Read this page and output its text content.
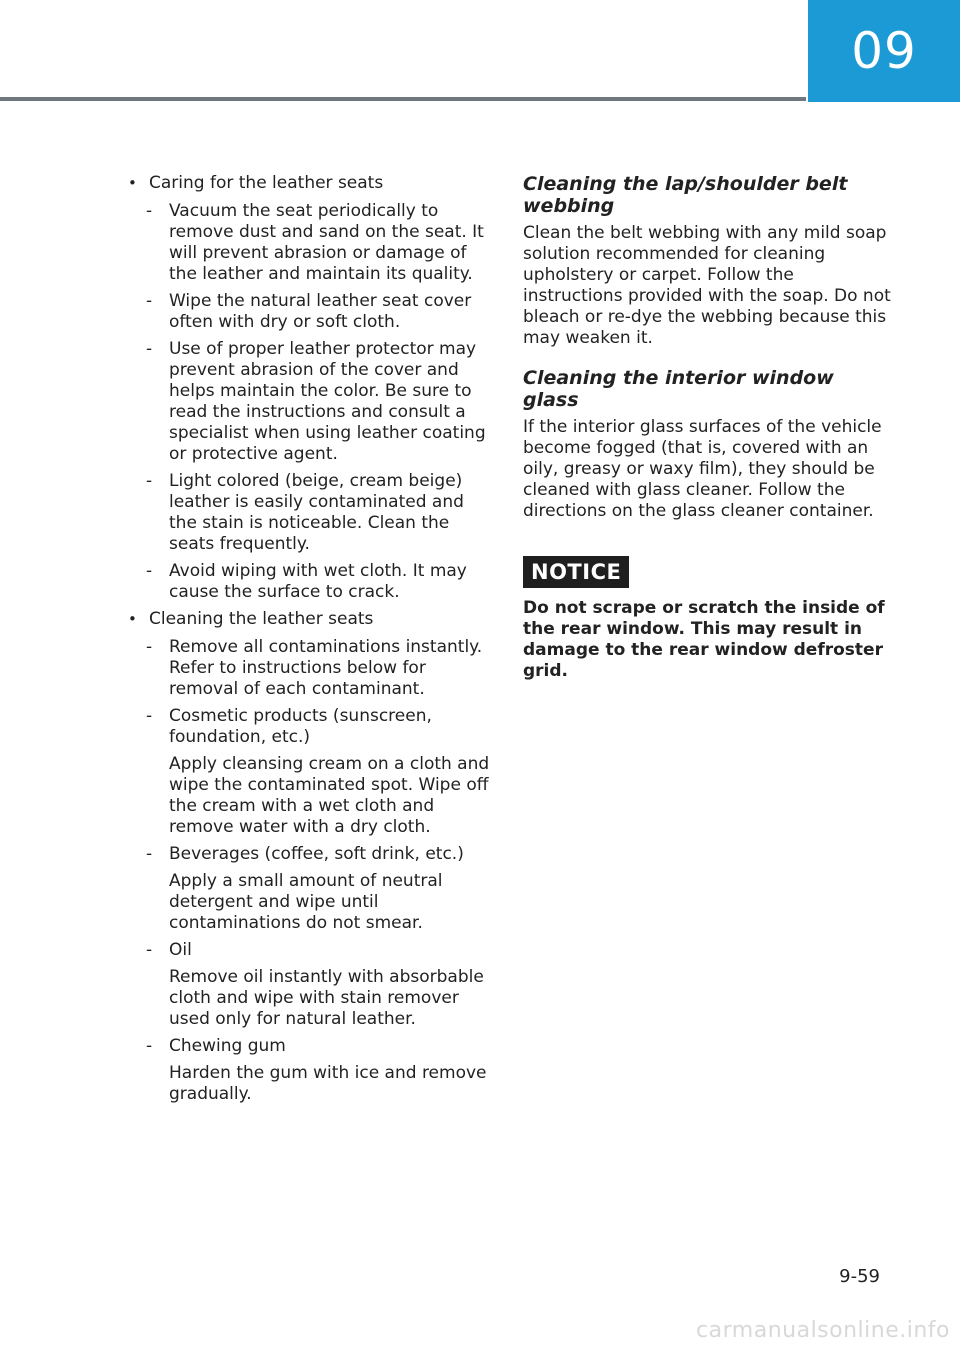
09
• Caring for the leather seats
- Vacuum the seat periodically to remove dust and sand on the seat. It will prevent abrasion or damage of the leather and maintain its quality.
- Wipe the natural leather seat cover often with dry or soft cloth.
- Use of proper leather protector may prevent abrasion of the cover and helps maintain the color. Be sure to read the instructions and consult a specialist when using leather coating or protective agent.
- Light colored (beige, cream beige) leather is easily contaminated and the stain is noticeable. Clean the seats frequently.
- Avoid wiping with wet cloth. It may cause the surface to crack.
• Cleaning the leather seats
- Remove all contaminations instantly. Refer to instructions below for removal of each contaminant.
- Cosmetic products (sunscreen, foundation, etc.)
Apply cleansing cream on a cloth and wipe the contaminated spot. Wipe off the cream with a wet cloth and remove water with a dry cloth.
- Beverages (coffee, soft drink, etc.)
Apply a small amount of neutral detergent and wipe until contaminations do not smear.
- Oil
Remove oil instantly with absorbable cloth and wipe with stain remover used only for natural leather.
- Chewing gum
Harden the gum with ice and remove gradually.
Cleaning the lap/shoulder belt webbing

Clean the belt webbing with any mild soap solution recommended for cleaning upholstery or carpet. Follow the instructions provided with the soap. Do not bleach or re-dye the webbing because this may weaken it.

Cleaning the interior window glass

If the interior glass surfaces of the vehicle become fogged (that is, covered with an oily, greasy or waxy film), they should be cleaned with glass cleaner. Follow the directions on the glass cleaner container.

NOTICE

Do not scrape or scratch the inside of the rear window. This may result in damage to the rear window defroster grid.

9-59
carmanualsonline.info
